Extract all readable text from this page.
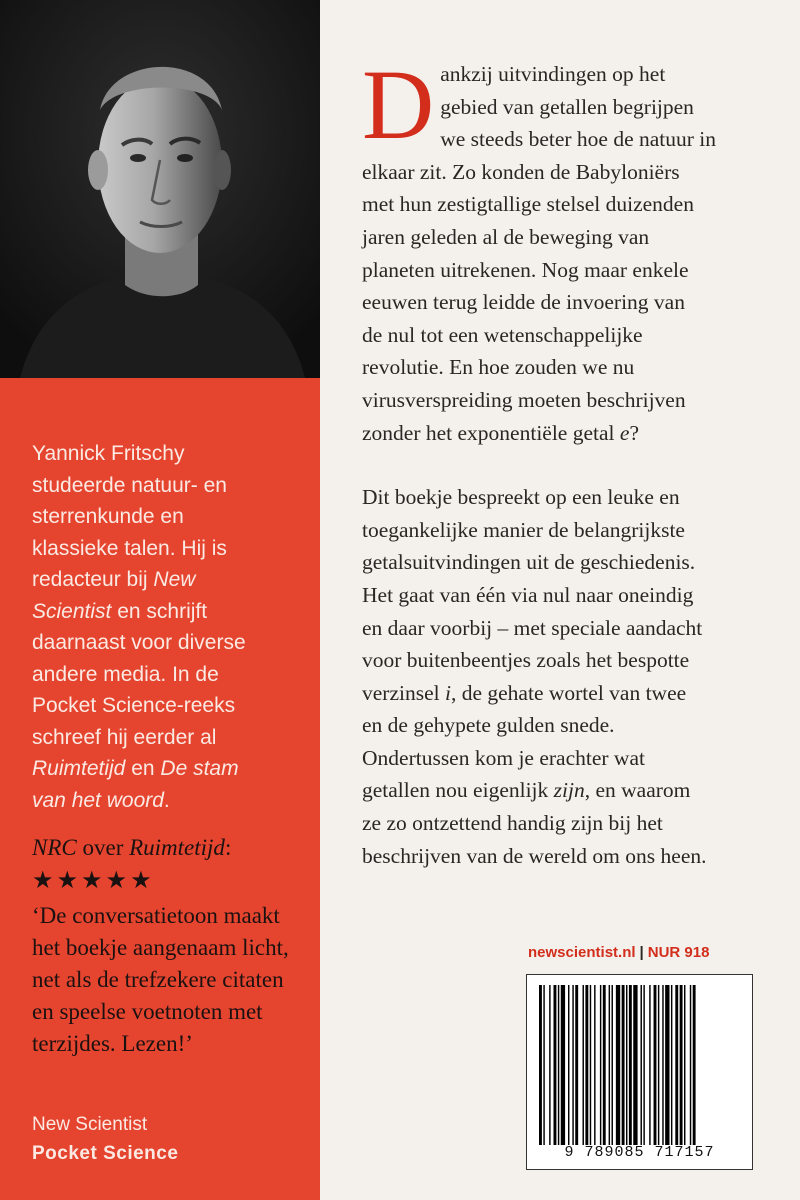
Yannick Fritschy

studeerde natuur- en

sterrenkunde en

klassieke talen. Hij is

redacteur bij New

Scientist en schrijft

daarnaast voor diverse

andere media. In de

Pocket Science-reeks

schreef hij eerder al

Ruimtetijd en De stam

van het woord.

NRC over Ruimtetijd:
★★★★★
‘De conversatietoon maakt
het boekje aangenaam licht,
net als de trefzekere citaten
en speelse voetnoten met
terzijdes. Lezen!’
New Scientist
Pocket Science

D ankzij uitvindingen op het
gebied van getallen begrijpen
we steeds beter hoe de natuur in
elkaar zit. Zo konden de Babyloniërs
met hun zestigtallige stelsel duizenden
jaren geleden al de beweging van
planeten uitrekenen. Nog maar enkele
eeuwen terug leidde de invoering van
de nul tot een wetenschappelijke
revolutie. En hoe zouden we nu
virusverspreiding moeten beschrijven
zonder het exponentiële getal e?

Dit boekje bespreekt op een leuke en
toegankelijke manier de belangrijkste
getalsuitvindingen uit de geschiedenis.
Het gaat van één via nul naar oneindig
en daar voorbij – met speciale aandacht
voor buitenbeentjes zoals het bespotte
verzinsel i, de gehate wortel van twee
en de gehypete gulden snede.
Ondertussen kom je erachter wat
getallen nou eigenlijk zijn, en waarom
ze zo ontzettend handig zijn bij het
beschrijven van de wereld om ons heen.

newscientist.nl | NUR 918
9 789085 717157
